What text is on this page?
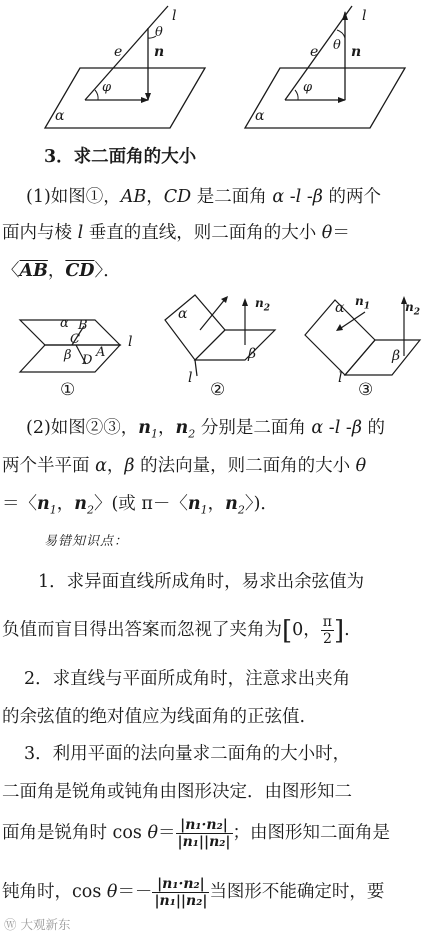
l
θ
e n
φ
α
l
θ
e n
φ
α
3．求二面角的大小
(1)如图①，AB，CD 是二面角 α -l -β 的两个
面内与棱 l 垂直的直线，则二面角的大小 θ＝
〈$\overline{AB}$，$\overline{CD}$〉．
α B
C
β D
A
l
①
α
$n_2$
β
l
②
α $n_1$	$n_2$
β
l
③
(2)如图②③，$n_1$，$n_2$ 分别是二面角 α -l -β 的
两个半平面 α，β 的法向量，则二面角的大小 θ
＝〈$n_1$，$n_2$〉(或 π－〈$n_1$，$n_2$〉)．
易错知识点：
1．求异面直线所成角时，易求出余弦值为
负值而盲目得出答案而忽视了夹角为[0， $\frac{\pi}{2}$ ].
2．求直线与平面所成角时，注意求出夹角
的余弦值的绝对值应为线面角的正弦值.
3．利用平面的法向量求二面角的大小时，
二面角是锐角或钝角由图形决定．由图形知二
面角是锐角时 $\cos \theta= \frac{\text{|n₁·n₂|}}{\text{|n₁||n₂|}}$ ；由图形知二面角是
钝角时，$\cos \theta=- \frac{\text{|n₁·n₂|}}{\text{|n₁||n₂|}}$ 当图形不能确定时，要
Ⓦ 大观新东
